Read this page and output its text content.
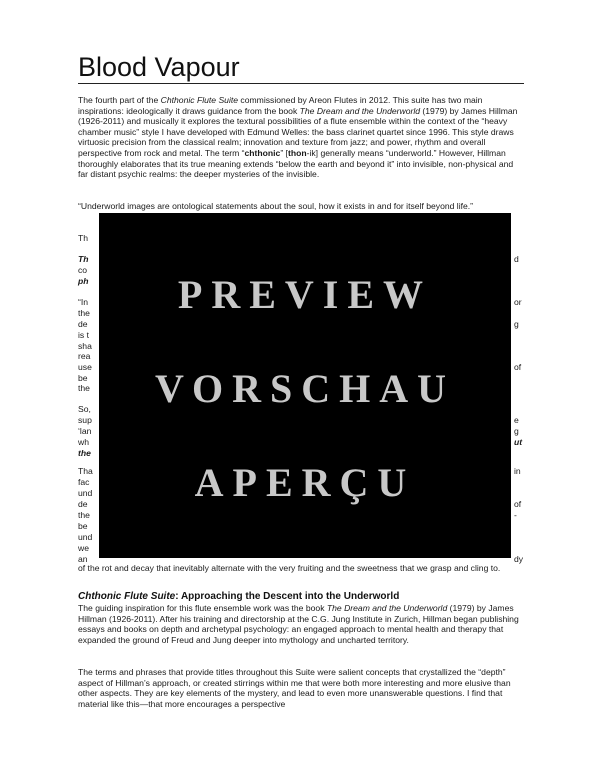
Blood Vapour

The fourth part of the Chthonic Flute Suite commissioned by Areon Flutes in 2012. This suite has two main inspirations: ideologically it draws guidance from the book The Dream and the Underworld (1979) by James Hillman (1926-2011) and musically it explores the textural possibilities of a flute ensemble within the context of the “heavy chamber music” style I have developed with Edmund Welles: the bass clarinet quartet since 1996. This style draws virtuosic precision from the classical realm; innovation and texture from jazz; and power, rhythm and overall perspective from rock and metal. The term “chthonic” [thon-ik] generally means “underworld.” However, Hillman thoroughly elaborates that its true meaning extends “below the earth and beyond it” into invisible, non-physical and far distant psychic realms: the deeper mysteries of the invisible.

“Underworld images are ontological statements about the soul, how it exists in and for itself beyond life.”

Th

Th	d

co

ph

“In	or

the

de	g

is t

sha

rea

use	of

be

the

So,

sup	e

‘lan	g

wh	ut

the

Tha	in

fac

und

de	of

the	-

be

und

we

an	dy

PREVIEW

VORSCHAU

APERÇU

of the rot and decay that inevitably alternate with the very fruiting and the sweetness that we grasp and cling to.

Chthonic Flute Suite: Approaching the Descent into the Underworld

The guiding inspiration for this flute ensemble work was the book The Dream and the Underworld (1979) by James Hillman (1926-2011). After his training and directorship at the C.G. Jung Institute in Zurich, Hillman began publishing essays and books on depth and archetypal psychology: an engaged approach to mental health and therapy that expanded the ground of Freud and Jung deeper into mythology and uncharted territory.

The terms and phrases that provide titles throughout this Suite were salient concepts that crystallized the “depth” aspect of Hillman’s approach, or created stirrings within me that were both more interesting and more elusive than other aspects. They are key elements of the mystery, and lead to even more unanswerable questions. I find that material like this—that more encourages a perspective
